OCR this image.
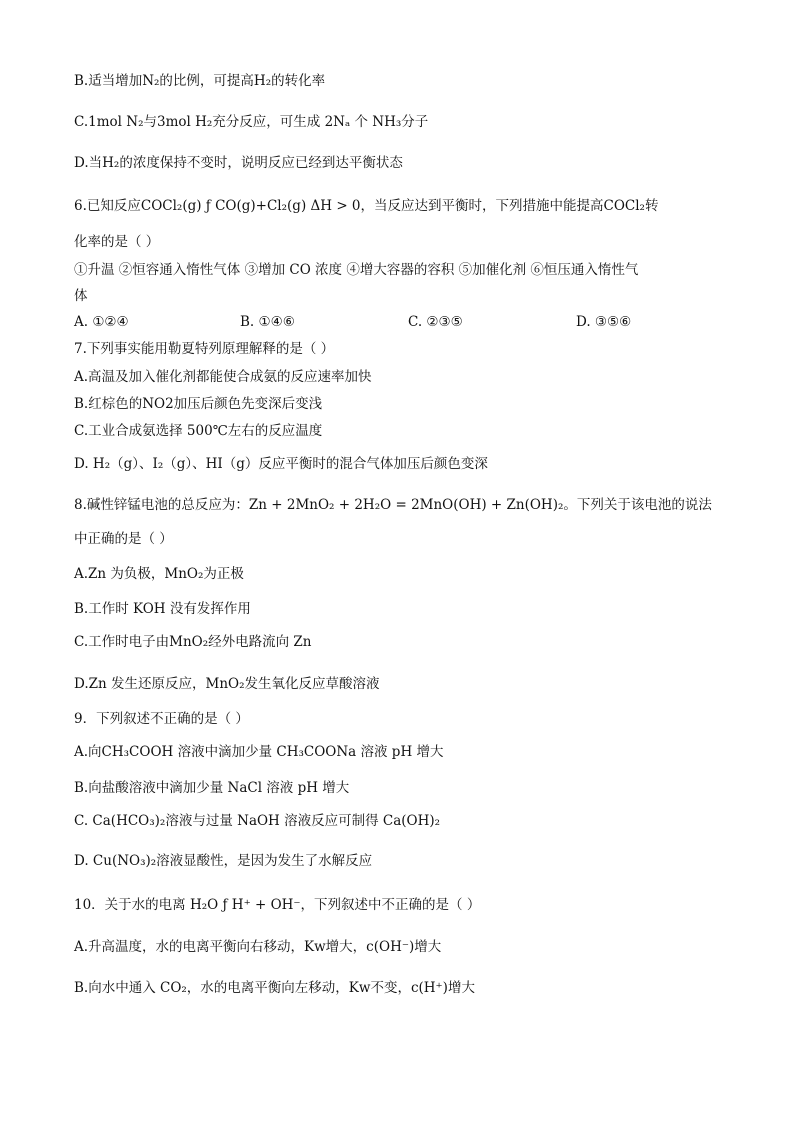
B.适当增加N₂的比例，可提高H₂的转化率
C.1mol N₂与3mol H₂充分反应，可生成 2Nₐ 个 NH₃分子
D.当H₂的浓度保持不变时，说明反应已经到达平衡状态
6.已知反应COCl₂(g) ƒ CO(g)+Cl₂(g) ΔH > 0，当反应达到平衡时，下列措施中能提高COCl₂转
化率的是（ ）
①升温 ②恒容通入惰性气体 ③增加 CO 浓度 ④增大容器的容积 ⑤加催化剂 ⑥恒压通入惰性气
体
A. ①②④	B. ①④⑥	C. ②③⑤	D. ③⑤⑥
7.下列事实能用勒夏特列原理解释的是（ ）
A.高温及加入催化剂都能使合成氨的反应速率加快
B.红棕色的NO2加压后颜色先变深后变浅
C.工业合成氨选择 500℃左右的反应温度
D. H₂（g）、I₂（g）、HI（g）反应平衡时的混合气体加压后颜色变深
8.碱性锌锰电池的总反应为：Zn + 2MnO₂ + 2H₂O = 2MnO(OH) + Zn(OH)₂。下列关于该电池的说法
中正确的是（ ）
A.Zn 为负极，MnO₂为正极
B.工作时 KOH 没有发挥作用
C.工作时电子由MnO₂经外电路流向 Zn
D.Zn 发生还原反应，MnO₂发生氧化反应草酸溶液
9．下列叙述不正确的是（ ）
A.向CH₃COOH 溶液中滴加少量 CH₃COONa 溶液 pH 增大
B.向盐酸溶液中滴加少量 NaCl 溶液 pH 增大
C. Ca(HCO₃)₂溶液与过量 NaOH 溶液反应可制得 Ca(OH)₂
D. Cu(NO₃)₂溶液显酸性，是因为发生了水解反应
10．关于水的电离 H₂O ƒ H⁺ + OH⁻，下列叙述中不正确的是（ ）
A.升高温度，水的电离平衡向右移动，Kw增大，c(OH⁻)增大
B.向水中通入 CO₂，水的电离平衡向左移动，Kw不变，c(H⁺)增大
